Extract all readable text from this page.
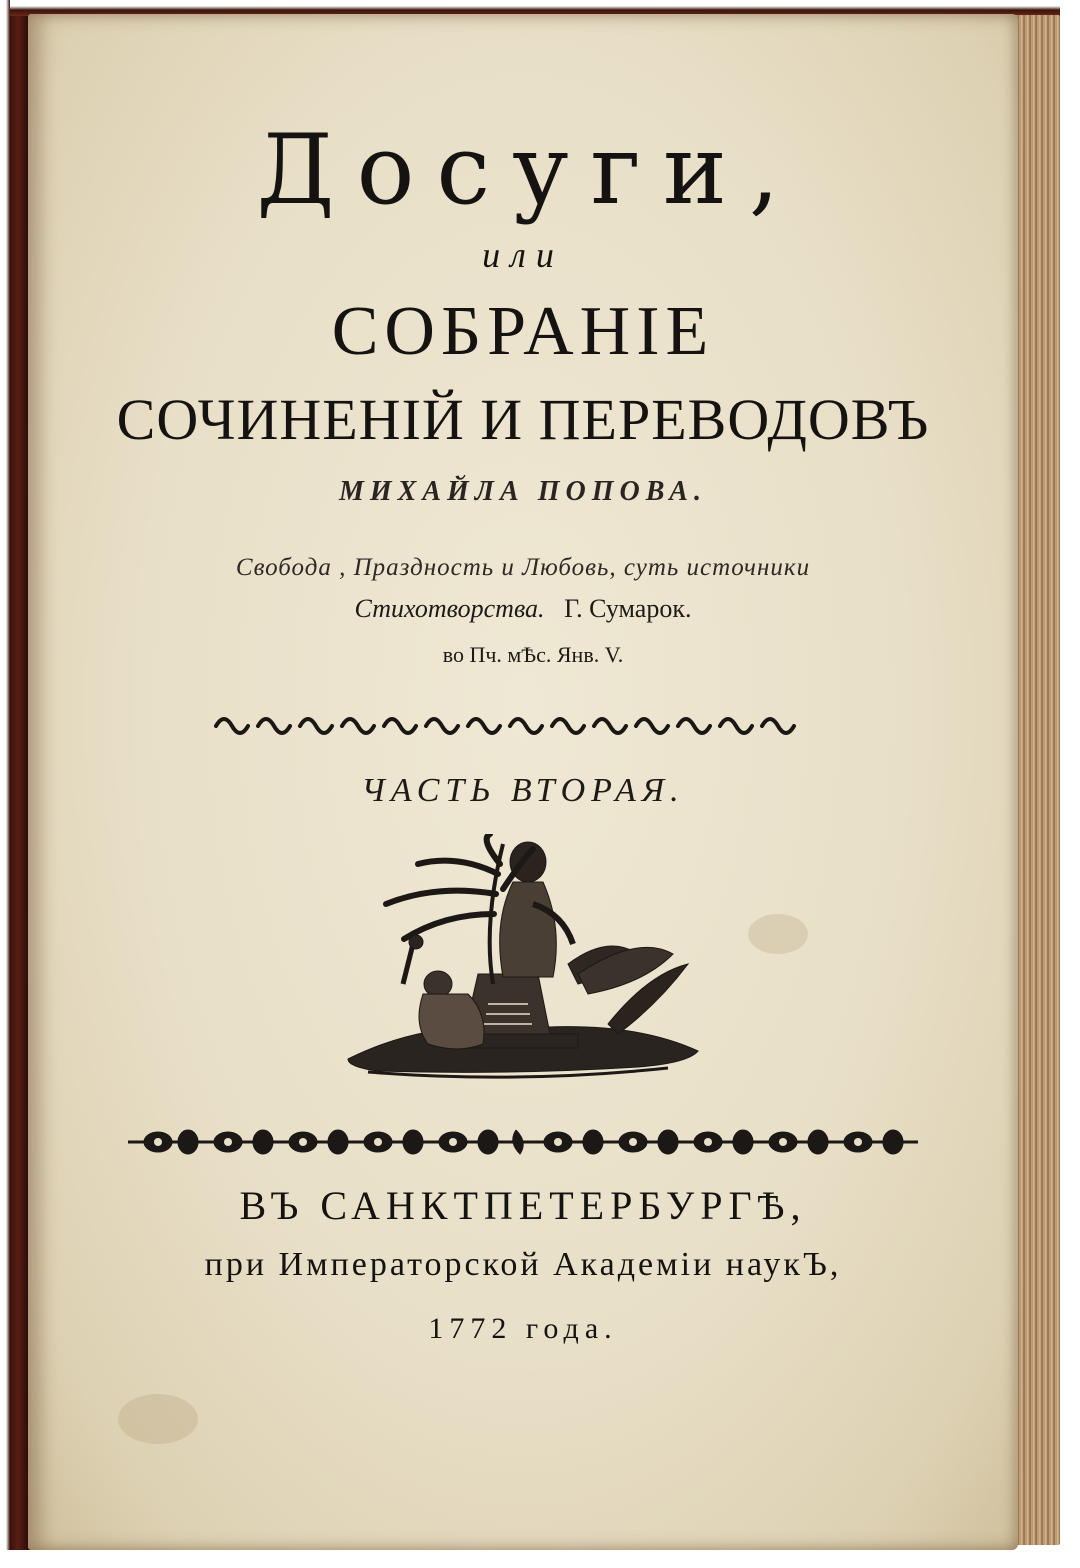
Досуги,
или
СОБРАНІЕ
СОЧИНЕНІЙ И ПЕРЕВОДОВЪ
МИХАЙЛА ПОПОВА.
Свобода , Праздность и Любовь, суть источники
Стихотворства. Г. Сумарок.
во Пч. мѢс. Янв. V.
ЧАСТЬ ВТОРАЯ.
ВЪ САНКТПЕТЕРБУРГѢ,
при Императорской Академіи наукЪ,
1772 года.
